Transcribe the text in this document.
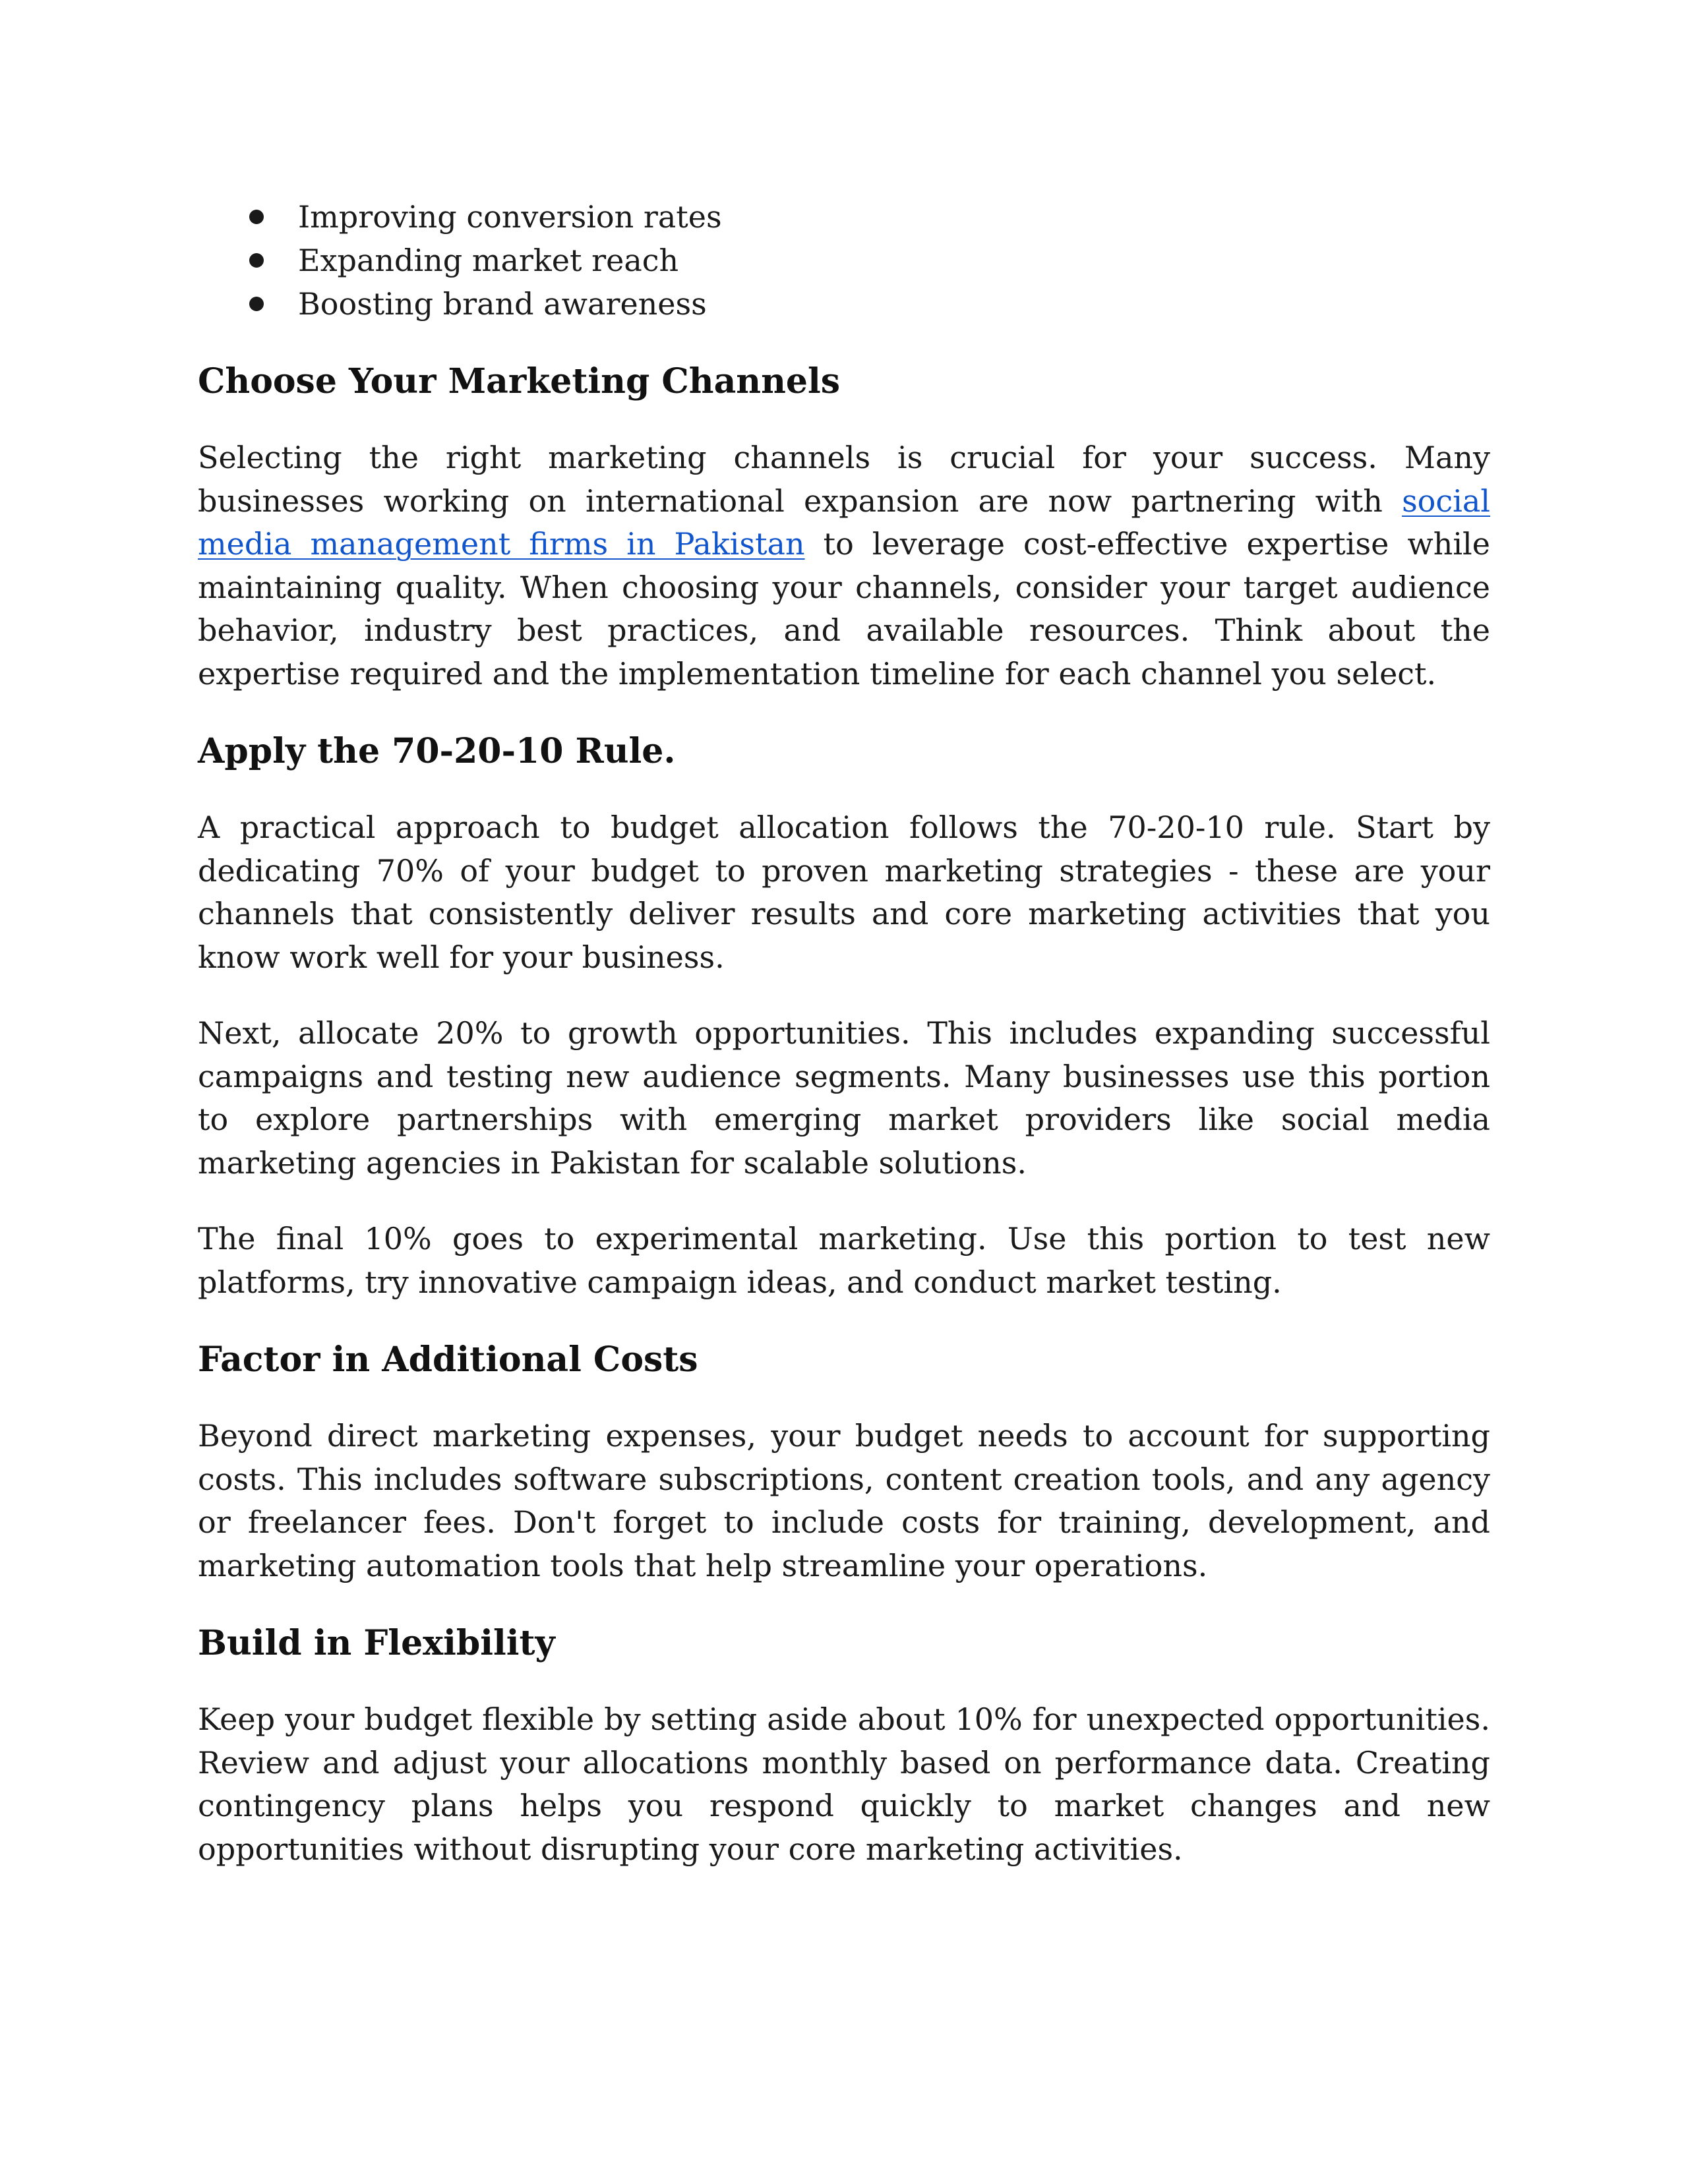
Improving conversion rates
Expanding market reach
Boosting brand awareness
Choose Your Marketing Channels

Selecting the right marketing channels is crucial for your success. Many businesses working on international expansion are now partnering with social media management firms in Pakistan to leverage cost-effective expertise while maintaining quality. When choosing your channels, consider your target audience behavior, industry best practices, and available resources. Think about the expertise required and the implementation timeline for each channel you select.

Apply the 70-20-10 Rule.

A practical approach to budget allocation follows the 70-20-10 rule. Start by dedicating 70% of your budget to proven marketing strategies - these are your channels that consistently deliver results and core marketing activities that you know work well for your business.

Next, allocate 20% to growth opportunities. This includes expanding successful campaigns and testing new audience segments. Many businesses use this portion to explore partnerships with emerging market providers like social media marketing agencies in Pakistan for scalable solutions.

The final 10% goes to experimental marketing. Use this portion to test new platforms, try innovative campaign ideas, and conduct market testing.

Factor in Additional Costs

Beyond direct marketing expenses, your budget needs to account for supporting costs. This includes software subscriptions, content creation tools, and any agency or freelancer fees. Don't forget to include costs for training, development, and marketing automation tools that help streamline your operations.

Build in Flexibility

Keep your budget flexible by setting aside about 10% for unexpected opportunities. Review and adjust your allocations monthly based on performance data. Creating contingency plans helps you respond quickly to market changes and new opportunities without disrupting your core marketing activities.
